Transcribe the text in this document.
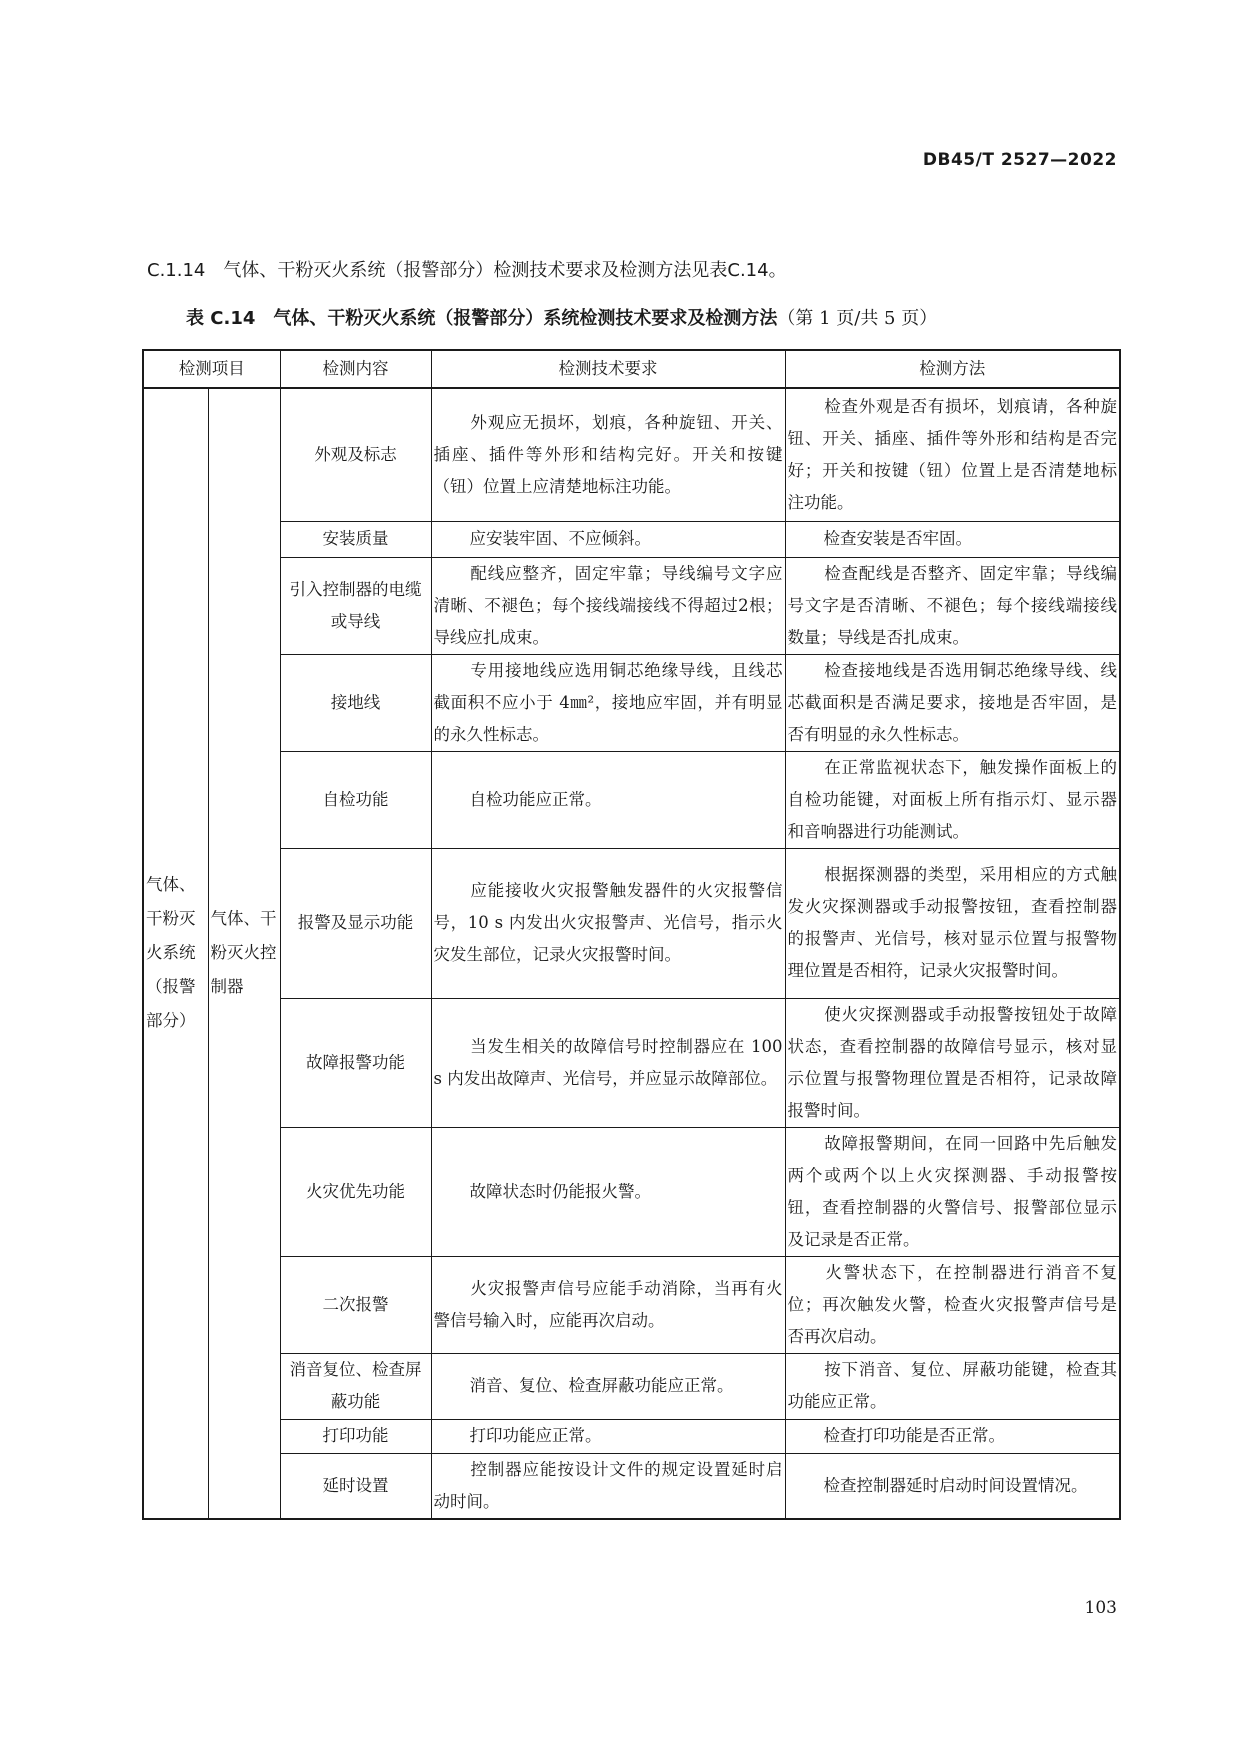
DB45/T 2527—2022
C.1.14 气体、干粉灭火系统（报警部分）检测技术要求及检测方法见表C.14。
表 C.14 气体、干粉灭火系统（报警部分）系统检测技术要求及检测方法（第 1 页/共 5 页）
检测项目		检测内容	检测技术要求	检测方法
气体、干粉灭火系统（报警部分）	气体、干粉灭火控制器	外观及标志	外观应无损坏，划痕，各种旋钮、开关、插座、插件等外形和结构完好。开关和按键（钮）位置上应清楚地标注功能。	检查外观是否有损坏，划痕请，各种旋钮、开关、插座、插件等外形和结构是否完好；开关和按键（钮）位置上是否清楚地标注功能。
		安装质量	应安装牢固、不应倾斜。	检查安装是否牢固。
		引入控制器的电缆或导线	配线应整齐，固定牢靠；导线编号文字应清晰、不褪色；每个接线端接线不得超过2根；导线应扎成束。	检查配线是否整齐、固定牢靠；导线编号文字是否清晰、不褪色；每个接线端接线数量；导线是否扎成束。
		接地线	专用接地线应选用铜芯绝缘导线，且线芯截面积不应小于 4㎜²，接地应牢固，并有明显的永久性标志。	检查接地线是否选用铜芯绝缘导线、线芯截面积是否满足要求，接地是否牢固，是否有明显的永久性标志。
		自检功能	自检功能应正常。	在正常监视状态下，触发操作面板上的自检功能键，对面板上所有指示灯、显示器和音响器进行功能测试。
		报警及显示功能	应能接收火灾报警触发器件的火灾报警信号，10 s 内发出火灾报警声、光信号，指示火灾发生部位，记录火灾报警时间。	根据探测器的类型，采用相应的方式触发火灾探测器或手动报警按钮，查看控制器的报警声、光信号，核对显示位置与报警物理位置是否相符，记录火灾报警时间。
		故障报警功能	当发生相关的故障信号时控制器应在 100 s 内发出故障声、光信号，并应显示故障部位。	使火灾探测器或手动报警按钮处于故障状态，查看控制器的故障信号显示，核对显示位置与报警物理位置是否相符，记录故障报警时间。
		火灾优先功能	故障状态时仍能报火警。	故障报警期间，在同一回路中先后触发两个或两个以上火灾探测器、手动报警按钮，查看控制器的火警信号、报警部位显示及记录是否正常。
		二次报警	火灾报警声信号应能手动消除，当再有火警信号输入时，应能再次启动。	火警状态下，在控制器进行消音不复位；再次触发火警，检查火灾报警声信号是否再次启动。
		消音复位、检查屏蔽功能	消音、复位、检查屏蔽功能应正常。	按下消音、复位、屏蔽功能键，检查其功能应正常。
		打印功能	打印功能应正常。	检查打印功能是否正常。
		延时设置	控制器应能按设计文件的规定设置延时启动时间。	检查控制器延时启动时间设置情况。
103
